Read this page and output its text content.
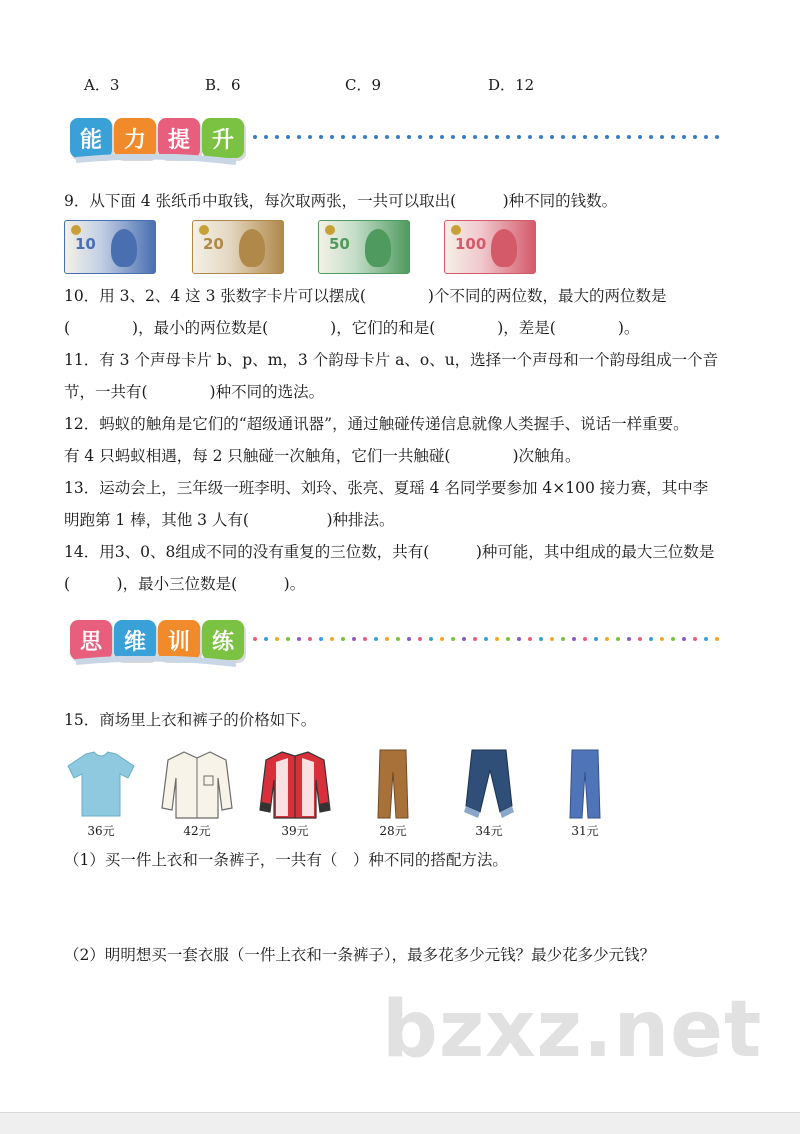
A．3	B．6	C．9	D．12
能 力 提 升
9．从下面 4 张纸币中取钱，每次取两张，一共可以取出(　　　)种不同的钱数。
10	20	50	100
10．用 3、2、4 这 3 张数字卡片可以摆成(　　　　)个不同的两位数，最大的两位数是
(　　　　)，最小的两位数是(　　　　)，它们的和是(　　　　)，差是(　　　　)。
11．有 3 个声母卡片 b、p、m，3 个韵母卡片 a、o、u，选择一个声母和一个韵母组成一个音
节，一共有(　　　　)种不同的选法。
12．蚂蚁的触角是它们的“超级通讯器”，通过触碰传递信息就像人类握手、说话一样重要。
有 4 只蚂蚁相遇，每 2 只触碰一次触角，它们一共触碰(　　　　)次触角。
13．运动会上，三年级一班李明、刘玲、张亮、夏瑶 4 名同学要参加 4×100 接力赛，其中李
明跑第 1 棒，其他 3 人有(　　　　　)种排法。
14．用3、0、8组成不同的没有重复的三位数，共有(　　　)种可能，其中组成的最大三位数是
(　　　)，最小三位数是(　　　)。
思 维 训 练
15．商场里上衣和裤子的价格如下。
36元	42元	39元	28元	34元	31元
（1）买一件上衣和一条裤子，一共有（　）种不同的搭配方法。
（2）明明想买一套衣服（一件上衣和一条裤子），最多花多少元钱？最少花多少元钱？
bzxz.net
